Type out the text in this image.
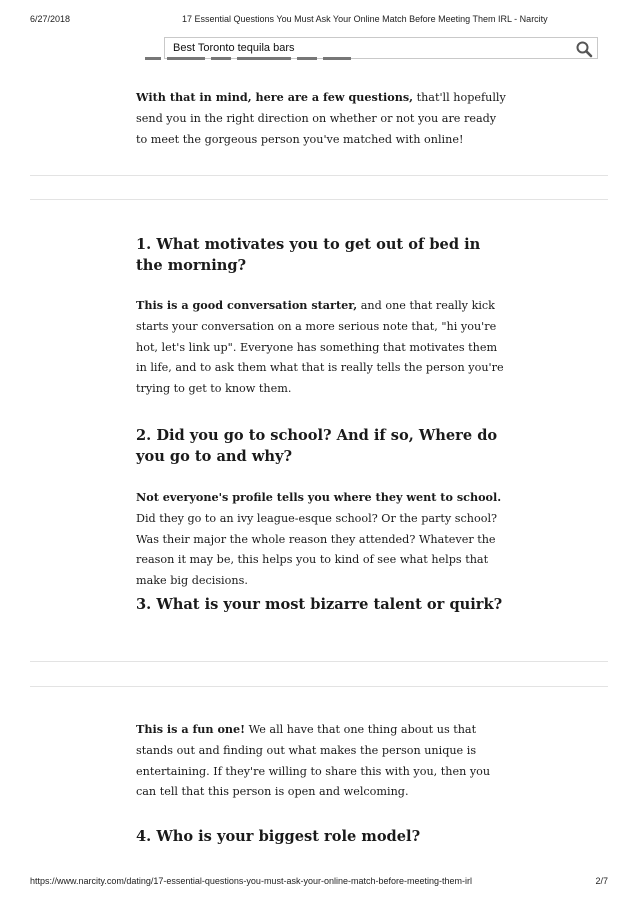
6/27/2018	17 Essential Questions You Must Ask Your Online Match Before Meeting Them IRL - Narcity
Best Toronto tequila bars

With that in mind, here are a few questions, that'll hopefully send you in the right direction on whether or not you are ready to meet the gorgeous person you've matched with online!

1. What motivates you to get out of bed in the morning?

This is a good conversation starter, and one that really kick starts your conversation on a more serious note that, "hi you're hot, let's link up". Everyone has something that motivates them in life, and to ask them what that is really tells the person you're trying to get to know them.

2. Did you go to school? And if so, Where do you go to and why?

Not everyone's profile tells you where they went to school. Did they go to an ivy league-esque school? Or the party school? Was their major the whole reason they attended? Whatever the reason it may be, this helps you to kind of see what helps that make big decisions.

3. What is your most bizarre talent or quirk?

This is a fun one! We all have that one thing about us that stands out and finding out what makes the person unique is entertaining. If they're willing to share this with you, then you can tell that this person is open and welcoming.

4. Who is your biggest role model?
https://www.narcity.com/dating/17-essential-questions-you-must-ask-your-online-match-before-meeting-them-irl	2/7
